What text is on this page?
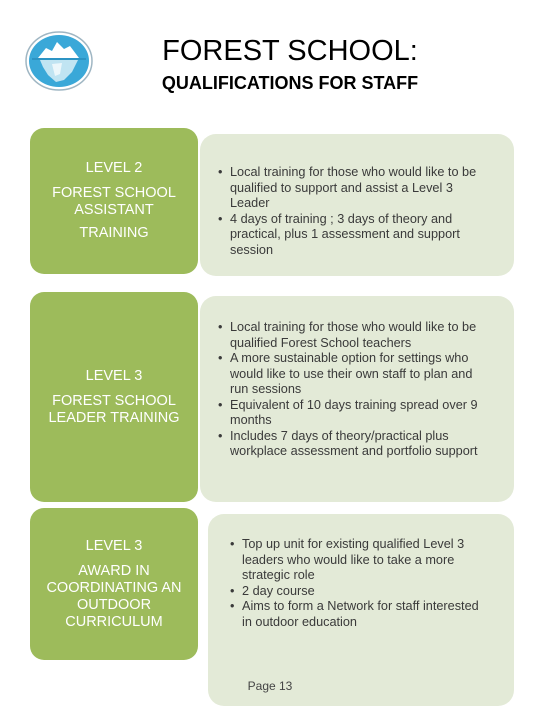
FOREST SCHOOL:
QUALIFICATIONS FOR STAFF
LEVEL 2
FOREST SCHOOL ASSISTANT
TRAINING
• Local training for those who would like to be qualified to support and assist a Level 3 Leader
• 4 days of training ; 3 days of theory and practical, plus 1 assessment and support session
LEVEL 3
FOREST SCHOOL LEADER TRAINING
• Local training for those who would like to be qualified Forest School teachers
• A more sustainable option for settings who would like to use their own staff to plan and run sessions
• Equivalent of 10 days training spread over 9 months
• Includes 7 days of theory/practical plus workplace assessment and portfolio support
LEVEL 3
AWARD IN COORDINATING AN OUTDOOR CURRICULUM
• Top up unit for existing qualified Level 3 leaders who would like to take a more strategic role
• 2 day course
• Aims to form a Network for staff interested in outdoor education
Page 13
